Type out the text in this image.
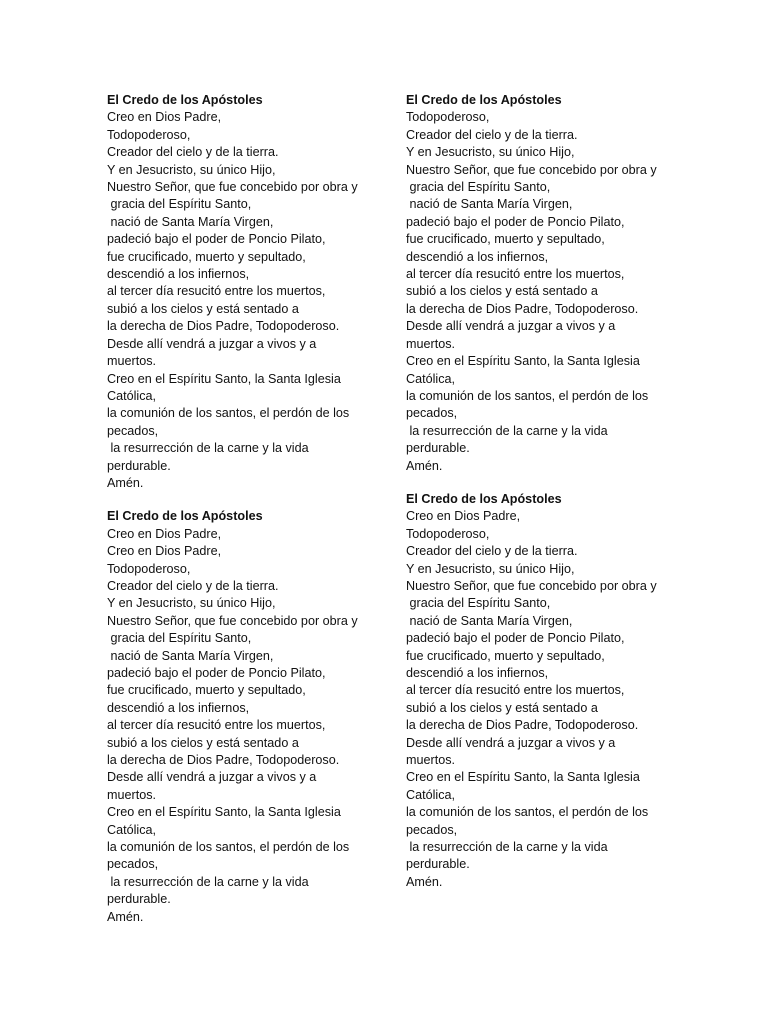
El Credo de los Apóstoles

Creo en Dios Padre,
Todopoderoso,
Creador del cielo y de la tierra.
Y en Jesucristo, su único Hijo,
Nuestro Señor, que fue concebido por obra y
gracia del Espíritu Santo,
nació de Santa María Virgen,
padeció bajo el poder de Poncio Pilato,
fue crucificado, muerto y sepultado,
descendió a los infiernos,
al tercer día resucitó entre los muertos,
subió a los cielos y está sentado a
la derecha de Dios Padre, Todopoderoso.
Desde allí vendrá a juzgar a vivos y a
muertos.
Creo en el Espíritu Santo, la Santa Iglesia
Católica,
la comunión de los santos, el perdón de los
pecados,
la resurrección de la carne y la vida
perdurable.
Amén.

El Credo de los Apóstoles

Creo en Dios Padre,
Creo en Dios Padre,
Todopoderoso,
Creador del cielo y de la tierra.
Y en Jesucristo, su único Hijo,
Nuestro Señor, que fue concebido por obra y
gracia del Espíritu Santo,
nació de Santa María Virgen,
padeció bajo el poder de Poncio Pilato,
fue crucificado, muerto y sepultado,
descendió a los infiernos,
al tercer día resucitó entre los muertos,
subió a los cielos y está sentado a
la derecha de Dios Padre, Todopoderoso.
Desde allí vendrá a juzgar a vivos y a
muertos.
Creo en el Espíritu Santo, la Santa Iglesia
Católica,
la comunión de los santos, el perdón de los
pecados,
la resurrección de la carne y la vida
perdurable.
Amén.

El Credo de los Apóstoles

Todopoderoso,
Creador del cielo y de la tierra.
Y en Jesucristo, su único Hijo,
Nuestro Señor, que fue concebido por obra y
gracia del Espíritu Santo,
nació de Santa María Virgen,
padeció bajo el poder de Poncio Pilato,
fue crucificado, muerto y sepultado,
descendió a los infiernos,
al tercer día resucitó entre los muertos,
subió a los cielos y está sentado a
la derecha de Dios Padre, Todopoderoso.
Desde allí vendrá a juzgar a vivos y a
muertos.
Creo en el Espíritu Santo, la Santa Iglesia
Católica,
la comunión de los santos, el perdón de los
pecados,
la resurrección de la carne y la vida
perdurable.
Amén.

El Credo de los Apóstoles

Creo en Dios Padre,
Todopoderoso,
Creador del cielo y de la tierra.
Y en Jesucristo, su único Hijo,
Nuestro Señor, que fue concebido por obra y
gracia del Espíritu Santo,
nació de Santa María Virgen,
padeció bajo el poder de Poncio Pilato,
fue crucificado, muerto y sepultado,
descendió a los infiernos,
al tercer día resucitó entre los muertos,
subió a los cielos y está sentado a
la derecha de Dios Padre, Todopoderoso.
Desde allí vendrá a juzgar a vivos y a
muertos.
Creo en el Espíritu Santo, la Santa Iglesia
Católica,
la comunión de los santos, el perdón de los
pecados,
la resurrección de la carne y la vida
perdurable.
Amén.
